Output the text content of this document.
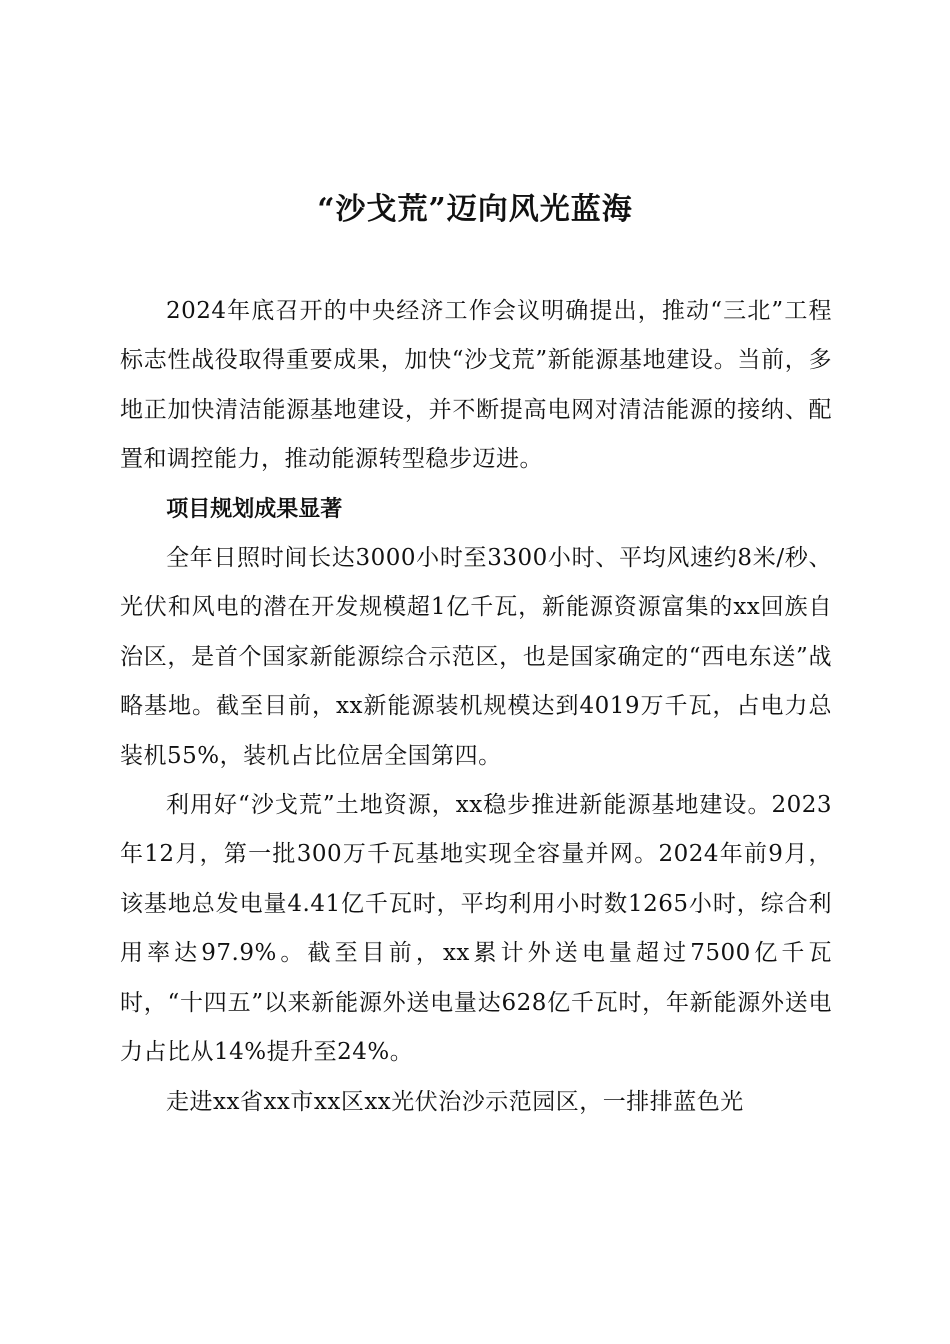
“沙戈荒”迈向风光蓝海

2024年底召开的中央经济工作会议明确提出，推动“三北”工程标志性战役取得重要成果，加快“沙戈荒”新能源基地建设。当前，多地正加快清洁能源基地建设，并不断提高电网对清洁能源的接纳、配置和调控能力，推动能源转型稳步迈进。

项目规划成果显著

全年日照时间长达3000小时至3300小时、平均风速约8米/秒、光伏和风电的潜在开发规模超1亿千瓦，新能源资源富集的xx回族自治区，是首个国家新能源综合示范区，也是国家确定的“西电东送”战略基地。截至目前，xx新能源装机规模达到4019万千瓦，占电力总装机55%，装机占比位居全国第四。

利用好“沙戈荒”土地资源，xx稳步推进新能源基地建设。2023年12月，第一批300万千瓦基地实现全容量并网。2024年前9月，该基地总发电量4.41亿千瓦时，平均利用小时数1265小时，综合利用率达97.9%。截至目前，xx累计外送电量超过7500亿千瓦时，“十四五”以来新能源外送电量达628亿千瓦时，年新能源外送电力占比从14%提升至24%。

走进xx省xx市xx区xx光伏治沙示范园区，一排排蓝色光
